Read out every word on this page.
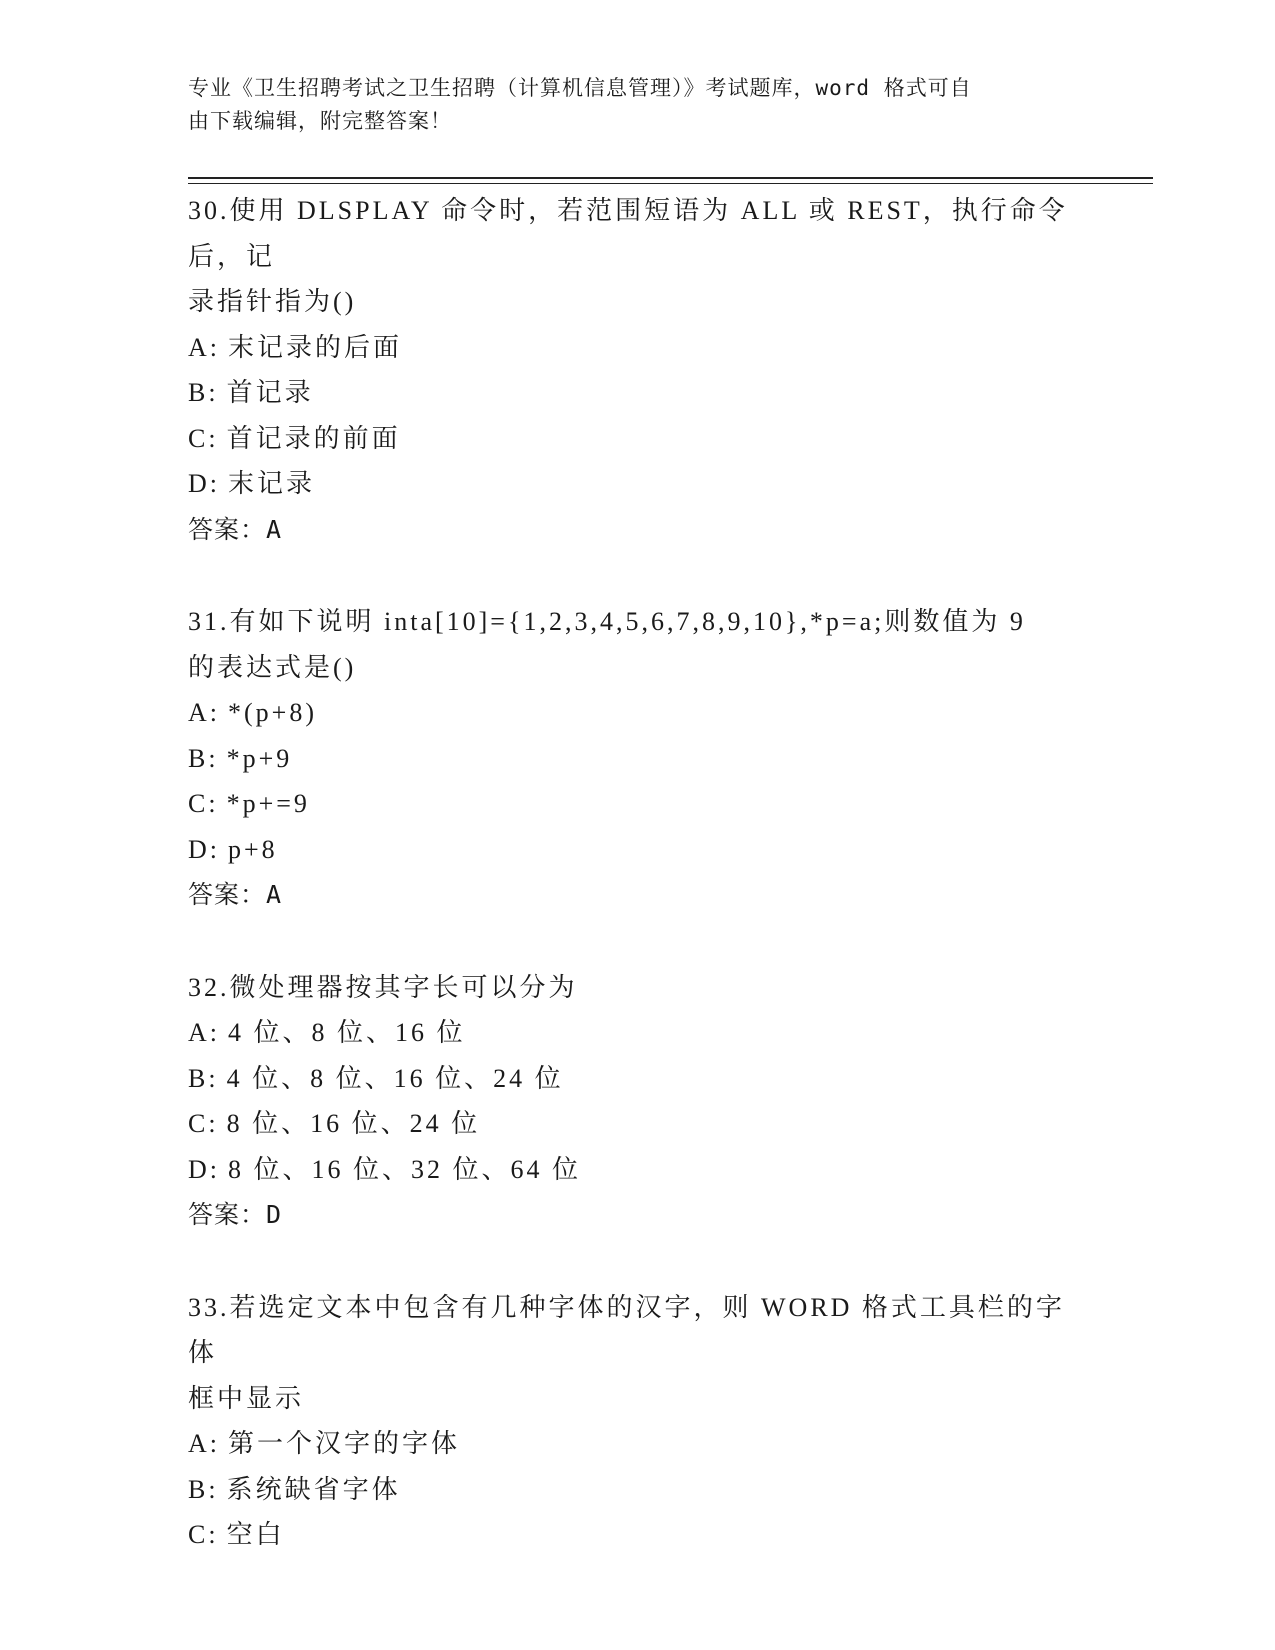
专业《卫生招聘考试之卫生招聘（计算机信息管理）》考试题库，word 格式可自
由下载编辑，附完整答案！

30.使用 DLSPLAY 命令时，若范围短语为 ALL 或 REST，执行命令后，记
录指针指为()

A: 末记录的后面
B: 首记录
C: 首记录的前面
D: 末记录
答案：A

31.有如下说明 inta[10]={1,2,3,4,5,6,7,8,9,10},*p=a;则数值为 9
的表达式是()

A: *(p+8)
B: *p+9
C: *p+=9
D: p+8
答案：A

32.微处理器按其字长可以分为

A: 4 位、8 位、16 位
B: 4 位、8 位、16 位、24 位
C: 8 位、16 位、24 位
D: 8 位、16 位、32 位、64 位
答案：D

33.若选定文本中包含有几种字体的汉字，则 WORD 格式工具栏的字体
框中显示

A: 第一个汉字的字体
B: 系统缺省字体
C: 空白
